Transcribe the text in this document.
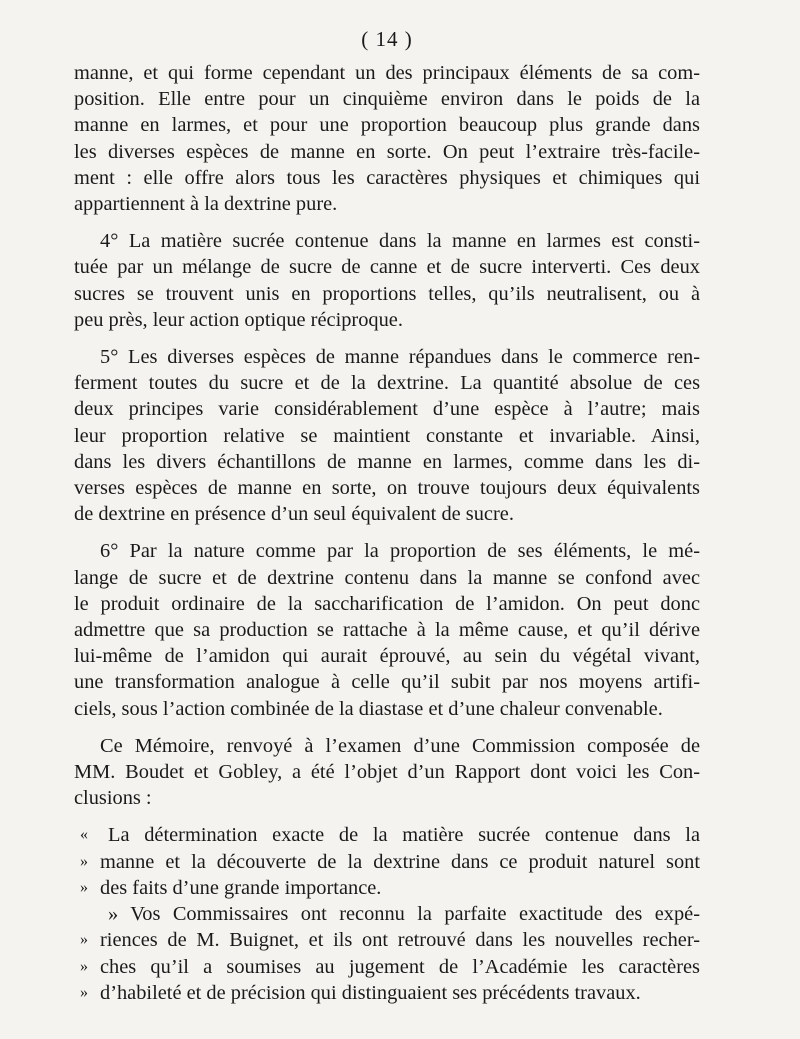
( 14 )
manne, et qui forme cependant un des principaux éléments de sa com-
position. Elle entre pour un cinquième environ dans le poids de la
manne en larmes, et pour une proportion beaucoup plus grande dans
les diverses espèces de manne en sorte. On peut l’extraire très-facile-
ment : elle offre alors tous les caractères physiques et chimiques qui
appartiennent à la dextrine pure.
4° La matière sucrée contenue dans la manne en larmes est consti-
tuée par un mélange de sucre de canne et de sucre interverti. Ces deux
sucres se trouvent unis en proportions telles, qu’ils neutralisent, ou à
peu près, leur action optique réciproque.
5° Les diverses espèces de manne répandues dans le commerce ren-
ferment toutes du sucre et de la dextrine. La quantité absolue de ces
deux principes varie considérablement d’une espèce à l’autre; mais
leur proportion relative se maintient constante et invariable. Ainsi,
dans les divers échantillons de manne en larmes, comme dans les di-
verses espèces de manne en sorte, on trouve toujours deux équivalents
de dextrine en présence d’un seul équivalent de sucre.
6° Par la nature comme par la proportion de ses éléments, le mé-
lange de sucre et de dextrine contenu dans la manne se confond avec
le produit ordinaire de la saccharification de l’amidon. On peut donc
admettre que sa production se rattache à la même cause, et qu’il dérive
lui-même de l’amidon qui aurait éprouvé, au sein du végétal vivant,
une transformation analogue à celle qu’il subit par nos moyens artifi-
ciels, sous l’action combinée de la diastase et d’une chaleur convenable.
Ce Mémoire, renvoyé à l’examen d’une Commission composée de
MM. Boudet et Gobley, a été l’objet d’un Rapport dont voici les Con-
clusions :
« La détermination exacte de la matière sucrée contenue dans la
» manne et la découverte de la dextrine dans ce produit naturel sont
» des faits d’une grande importance.
» Vos Commissaires ont reconnu la parfaite exactitude des expé-
» riences de M. Buignet, et ils ont retrouvé dans les nouvelles recher-
» ches qu’il a soumises au jugement de l’Académie les caractères
» d’habileté et de précision qui distinguaient ses précédents travaux.
